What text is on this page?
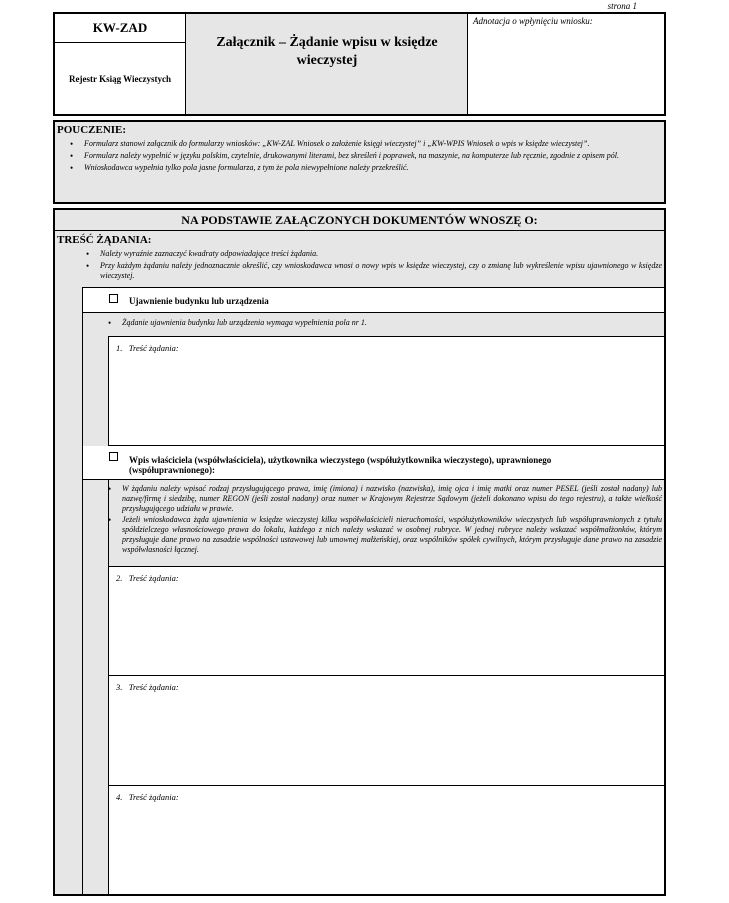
strona 1
KW-ZAD
Rejestr Ksiąg Wieczystych
Załącznik – Żądanie wpisu w księdze
wieczystej
Adnotacja o wpłynięciu wniosku:
POUCZENIE:
• Formularz stanowi załącznik do formularzy wniosków: „KW-ZAL Wniosek o założenie księgi wieczystej” i „KW-WPIS Wniosek o wpis w księdze wieczystej”.
• Formularz należy wypełnić w języku polskim, czytelnie, drukowanymi literami, bez skreśleń i poprawek, na maszynie, na komputerze lub ręcznie, zgodnie z opisem pól.
• Wnioskodawca wypełnia tylko pola jasne formularza, z tym że pola niewypełnione należy przekreślić.
NA PODSTAWIE ZAŁĄCZONYCH DOKUMENTÓW WNOSZĘ O:
TREŚĆ ŻĄDANIA:
• Należy wyraźnie zaznaczyć kwadraty odpowiadające treści żądania.
• Przy każdym żądaniu należy jednoznacznie określić, czy wnioskodawca wnosi o nowy wpis w księdze wieczystej, czy o zmianę lub wykreślenie wpisu ujawnionego w księdze wieczystej.
Ujawnienie budynku lub urządzenia
• Żądanie ujawnienia budynku lub urządzenia wymaga wypełnienia pola nr 1.
1.   Treść żądania:
Wpis właściciela (współwłaściciela), użytkownika wieczystego (współużytkownika wieczystego), uprawnionego (współuprawnionego):
• W żądaniu należy wpisać rodzaj przysługującego prawa, imię (imiona) i nazwisko (nazwiska), imię ojca i imię matki oraz numer PESEL (jeśli został nadany) lub nazwę/firmę i siedzibę, numer REGON (jeśli został nadany) oraz numer w Krajowym Rejestrze Sądowym (jeżeli dokonano wpisu do tego rejestru), a także wielkość przysługującego udziału w prawie.
• Jeżeli wnioskodawca żąda ujawnienia w księdze wieczystej kilku współwłaścicieli nieruchomości, współużytkowników wieczystych lub współuprawnionych z tytułu spółdzielczego własnościowego prawa do lokalu, każdego z nich należy wskazać w osobnej rubryce. W jednej rubryce należy wskazać współmałżonków, którym przysługuje dane prawo na zasadzie wspólności ustawowej lub umownej małżeńskiej, oraz wspólników spółek cywilnych, którym przysługuje dane prawo na zasadzie współwłasności łącznej.
2.   Treść żądania:
3.   Treść żądania:
4.   Treść żądania:
